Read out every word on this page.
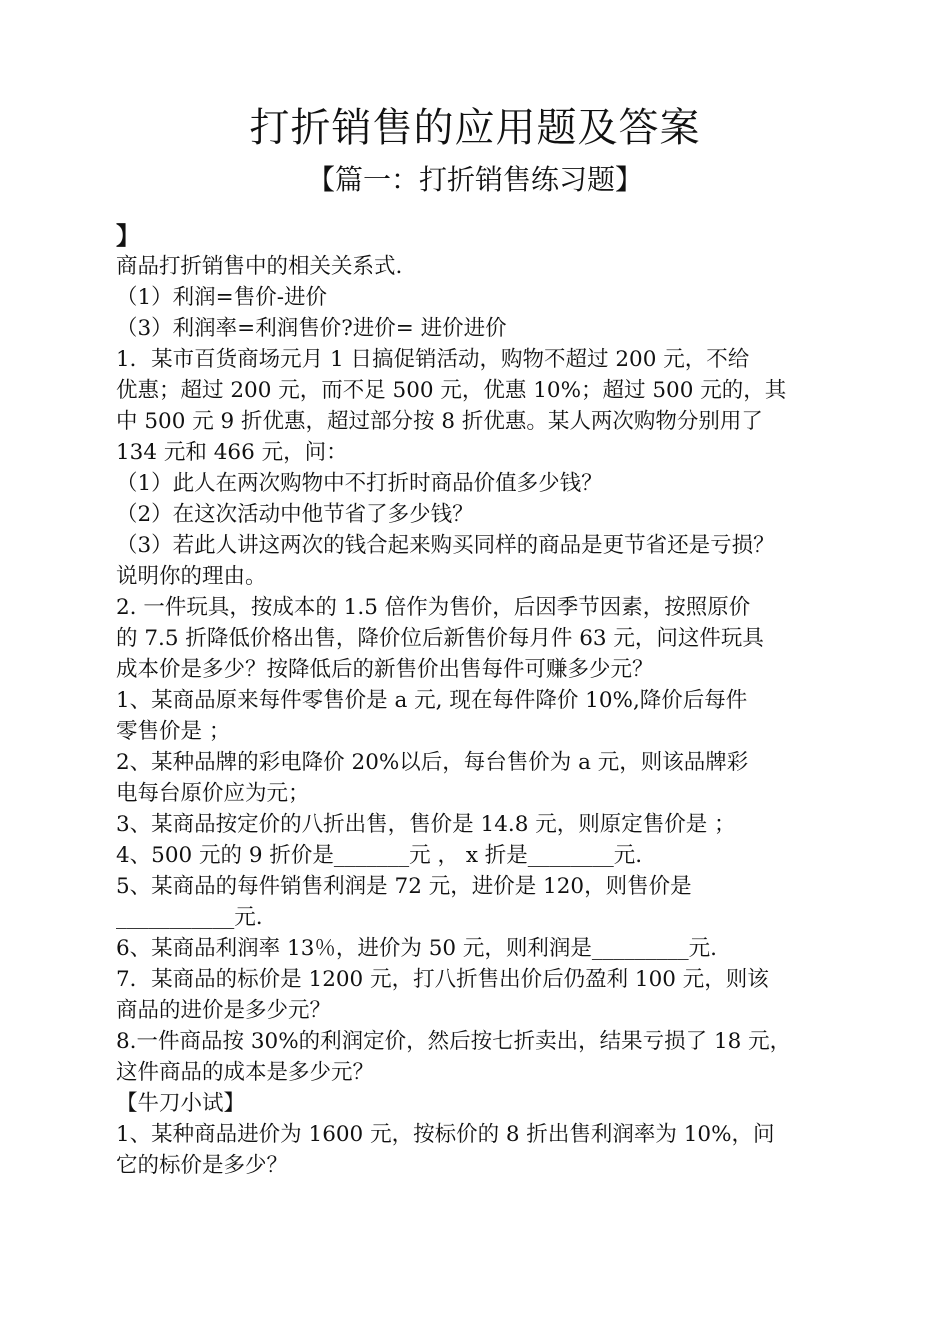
打折销售的应用题及答案
【篇一：打折销售练习题】
】
商品打折销售中的相关关系式.
（1）利润=售价-进价
（3）利润率=利润售价?进价= 进价进价
1．某市百货商场元月 1 日搞促销活动，购物不超过 200 元，不给
优惠；超过 200 元，而不足 500 元，优惠 10%；超过 500 元的，其
中 500 元 9 折优惠，超过部分按 8 折优惠。某人两次购物分别用了
134 元和 466 元，问：
（1）此人在两次购物中不打折时商品价值多少钱？
（2）在这次活动中他节省了多少钱？
（3）若此人讲这两次的钱合起来购买同样的商品是更节省还是亏损？
说明你的理由。
2. 一件玩具，按成本的 1.5 倍作为售价，后因季节因素，按照原价
的 7.5 折降低价格出售，降价位后新售价每月件 63 元，问这件玩具
成本价是多少？按降低后的新售价出售每件可赚多少元？
1、某商品原来每件零售价是 a 元, 现在每件降价 10%,降价后每件
零售价是 ；
2、某种品牌的彩电降价 20%以后，每台售价为 a 元，则该品牌彩
电每台原价应为元；
3、某商品按定价的八折出售，售价是 14.8 元，则原定售价是 ；
4、500 元的 9 折价是_______元 ， x 折是________元.
5、某商品的每件销售利润是 72 元，进价是 120，则售价是
___________元.
6、某商品利润率 13％，进价为 50 元，则利润是_________元.
7．某商品的标价是 1200 元，打八折售出价后仍盈利 100 元，则该
商品的进价是多少元？
8.一件商品按 30%的利润定价，然后按七折卖出，结果亏损了 18 元，
这件商品的成本是多少元？
【牛刀小试】
1、某种商品进价为 1600 元，按标价的 8 折出售利润率为 10%，问
它的标价是多少？
